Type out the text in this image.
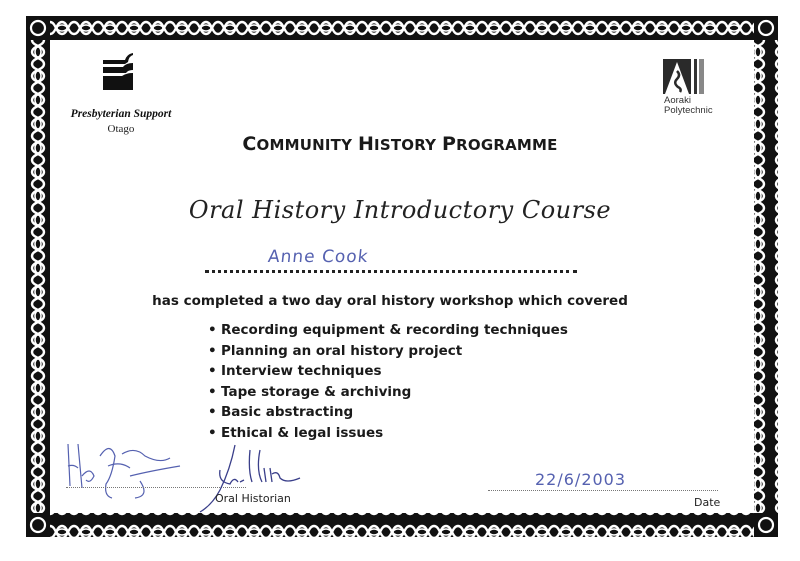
Presbyterian Support
Otago
Aoraki
Polytechnic
COMMUNITY HISTORY PROGRAMME
Oral History Introductory Course
Anne Cook
has completed a two day oral history workshop which covered
• Recording equipment & recording techniques
• Planning an oral history project
• Interview techniques
• Tape storage & archiving
• Basic abstracting
• Ethical & legal issues
Oral Historian
22/6/2003
Date
